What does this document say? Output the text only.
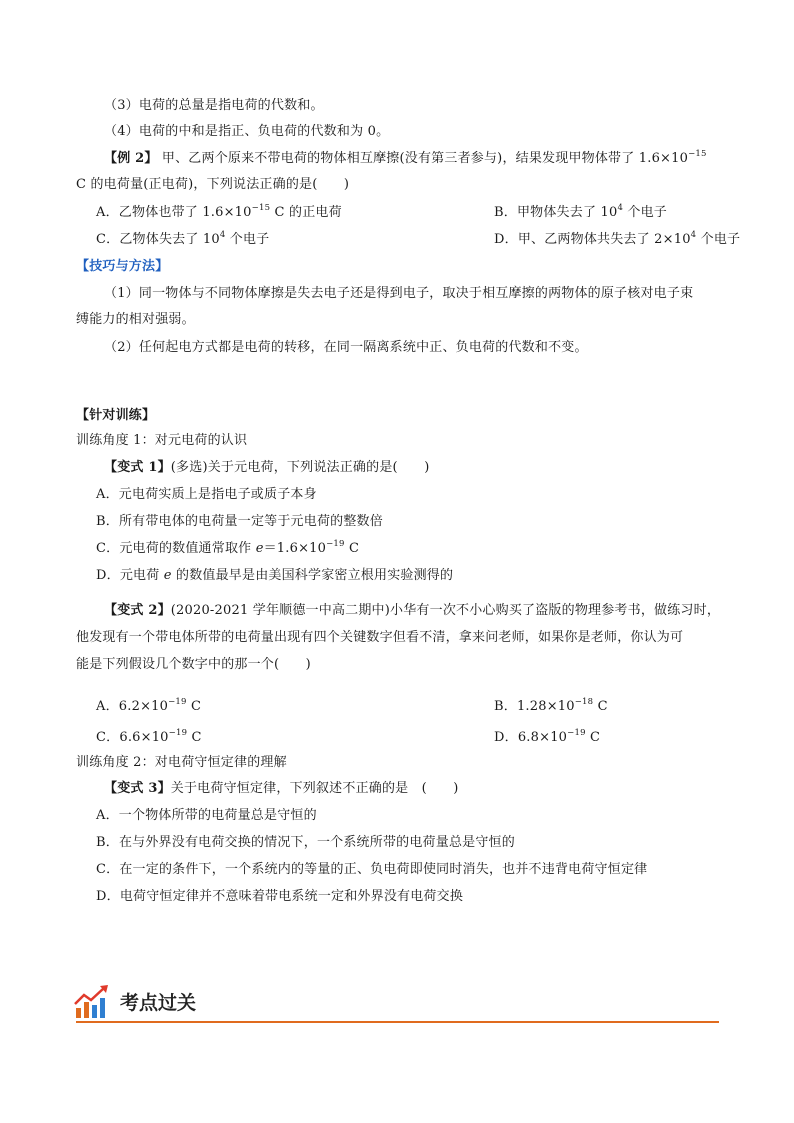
（3）电荷的总量是指电荷的代数和。
（4）电荷的中和是指正、负电荷的代数和为 0。
【例 2】 甲、乙两个原来不带电荷的物体相互摩擦(没有第三者参与)，结果发现甲物体带了 $1.6\times 10^{-15}$
C 的电荷量(正电荷)，下列说法正确的是(　　)
A．乙物体也带了 $1.6\times 10^{-15}$ C 的正电荷	B．甲物体失去了 $10^4$ 个电子
C．乙物体失去了 $10^4$ 个电子	D．甲、乙两物体共失去了 $2\times 10^4$ 个电子
【技巧与方法】
（1）同一物体与不同物体摩擦是失去电子还是得到电子，取决于相互摩擦的两物体的原子核对电子束
缚能力的相对强弱。
（2）任何起电方式都是电荷的转移，在同一隔离系统中正、负电荷的代数和不变。
【针对训练】
训练角度 1：对元电荷的认识
【变式 1】(多选)关于元电荷，下列说法正确的是(　　)
A．元电荷实质上是指电子或质子本身
B．所有带电体的电荷量一定等于元电荷的整数倍
C．元电荷的数值通常取作 $e=1.6\times 10^{-19}$ C
D．元电荷 e 的数值最早是由美国科学家密立根用实验测得的
【变式 2】(2020-2021 学年顺德一中高二期中)小华有一次不小心购买了盗版的物理参考书，做练习时，
他发现有一个带电体所带的电荷量出现有四个关键数字但看不清，拿来问老师，如果你是老师，你认为可
能是下列假设几个数字中的那一个(　　)
A．$6.2\times 10^{-19}$ C	B．$1.28\times 10^{-18}$ C
C．$6.6\times 10^{-19}$ C	D．$6.8\times 10^{-19}$ C
训练角度 2：对电荷守恒定律的理解
【变式 3】关于电荷守恒定律，下列叙述不正确的是　(　　)
A．一个物体所带的电荷量总是守恒的
B．在与外界没有电荷交换的情况下，一个系统所带的电荷量总是守恒的
C．在一定的条件下，一个系统内的等量的正、负电荷即使同时消失，也并不违背电荷守恒定律
D．电荷守恒定律并不意味着带电系统一定和外界没有电荷交换
考点过关
